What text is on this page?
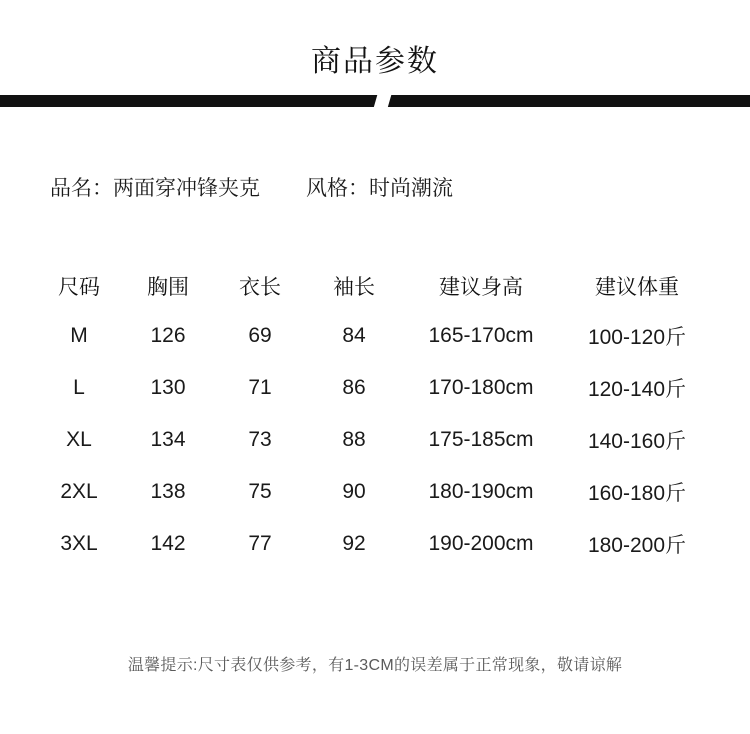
商品参数
品名：两面穿冲锋夹克 风格：时尚潮流
尺码	胸围	衣长	袖长	建议身高	建议体重
M	126	69	84	165-170cm	100-120斤
L	130	71	86	170-180cm	120-140斤
XL	134	73	88	175-185cm	140-160斤
2XL	138	75	90	180-190cm	160-180斤
3XL	142	77	92	190-200cm	180-200斤
温馨提示:尺寸表仅供参考，有1-3CM的误差属于正常现象，敬请谅解
